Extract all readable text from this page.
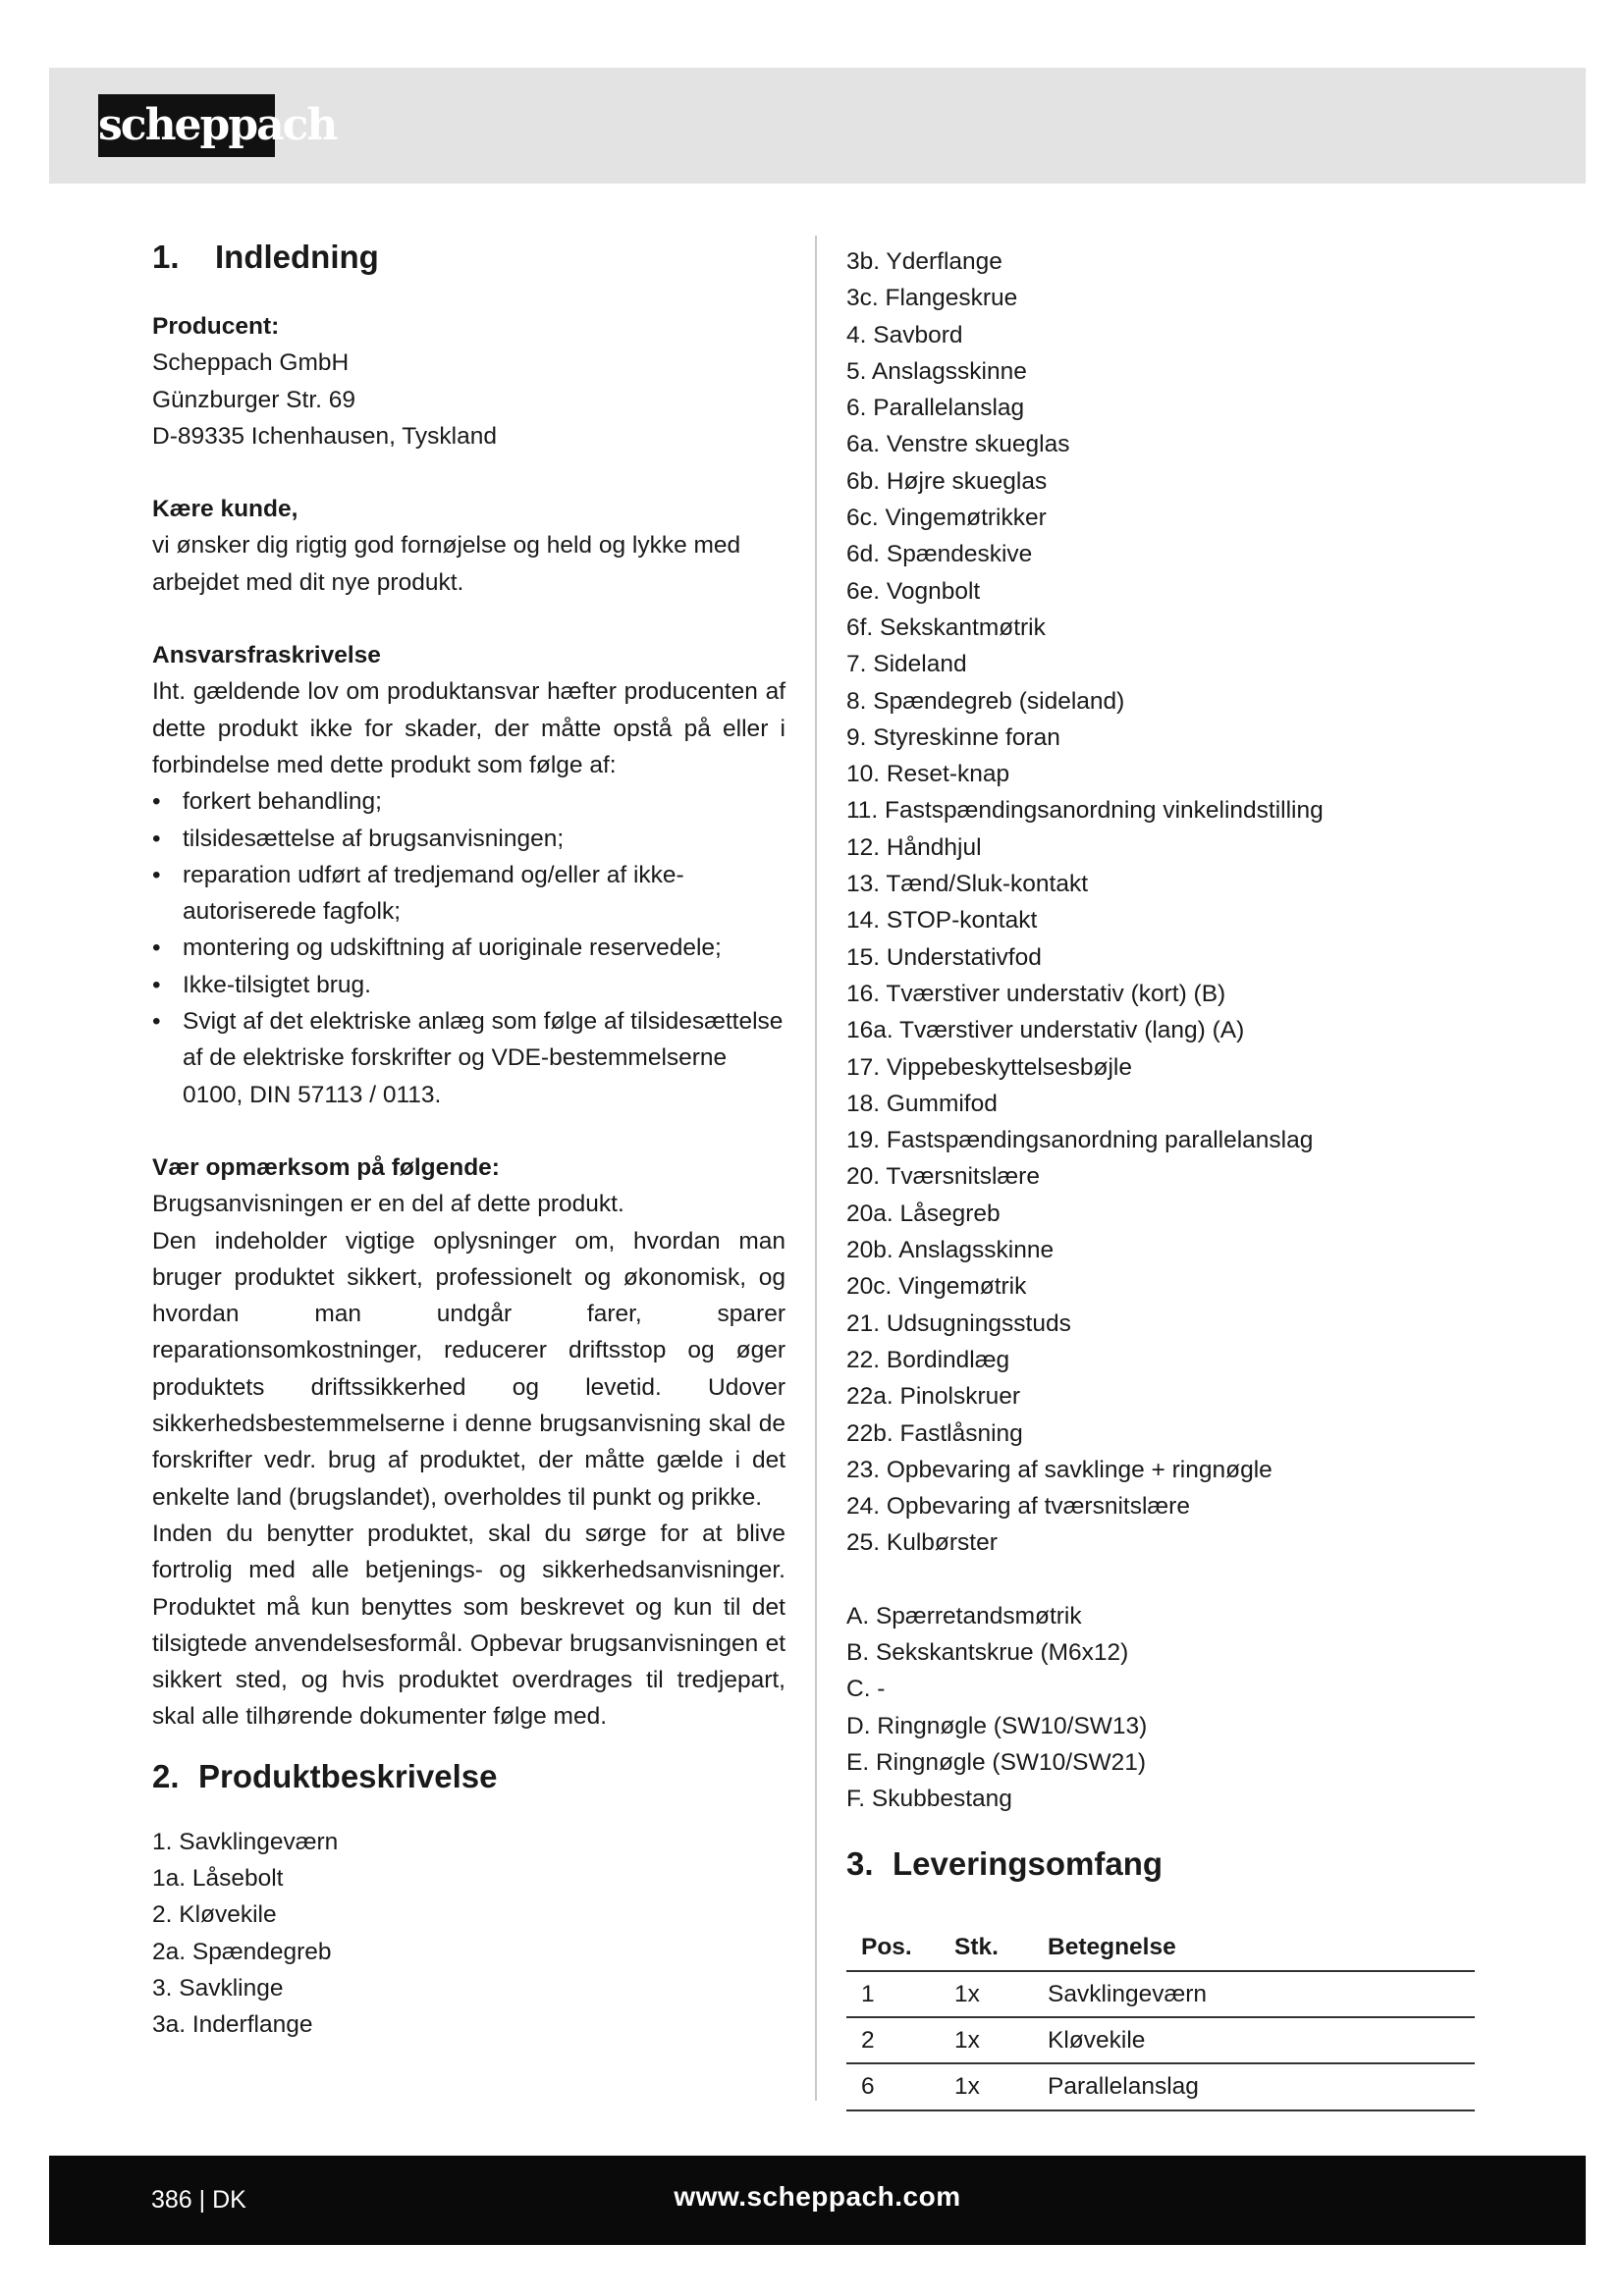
scheppach
1. Indledning

Producent:

Scheppach GmbH

Günzburger Str. 69

D-89335 Ichenhausen, Tyskland

Kære kunde,

vi ønsker dig rigtig god fornøjelse og held og lykke med arbejdet med dit nye produkt.

Ansvarsfraskrivelse

Iht. gældende lov om produktansvar hæfter producenten af dette produkt ikke for skader, der måtte opstå på eller i forbindelse med dette produkt som følge af:

• forkert behandling;
• tilsidesættelse af brugsanvisningen;
• reparation udført af tredjemand og/eller af ikke-autoriserede fagfolk;
• montering og udskiftning af uoriginale reservedele;
• Ikke-tilsigtet brug.
• Svigt af det elektriske anlæg som følge af tilsidesættelse af de elektriske forskrifter og VDE-bestemmelserne 0100, DIN 57113 / 0113.

Vær opmærksom på følgende:

Brugsanvisningen er en del af dette produkt.

Den indeholder vigtige oplysninger om, hvordan man bruger produktet sikkert, professionelt og økonomisk, og hvordan man undgår farer, sparer reparationsomkostninger, reducerer driftsstop og øger produktets driftssikkerhed og levetid. Udover sikkerhedsbestemmelserne i denne brugsanvisning skal de forskrifter vedr. brug af produktet, der måtte gælde i det enkelte land (brugslandet), overholdes til punkt og prikke.

Inden du benytter produktet, skal du sørge for at blive fortrolig med alle betjenings- og sikkerhedsanvisninger. Produktet må kun benyttes som beskrevet og kun til det tilsigtede anvendelsesformål. Opbevar brugsanvisningen et sikkert sted, og hvis produktet overdrages til tredjepart, skal alle tilhørende dokumenter følge med.

2. Produktbeskrivelse

1. Savklingeværn

1a. Låsebolt

2. Kløvekile

2a. Spændegreb

3. Savklinge

3a. Inderflange

3b. Yderflange

3c. Flangeskrue

4. Savbord

5. Anslagsskinne

6. Parallelanslag

6a. Venstre skueglas

6b. Højre skueglas

6c. Vingemøtrikker

6d. Spændeskive

6e. Vognbolt

6f. Sekskantmøtrik

7. Sideland

8. Spændegreb (sideland)

9. Styreskinne foran

10. Reset-knap

11. Fastspændingsanordning vinkelindstilling

12. Håndhjul

13. Tænd/Sluk-kontakt

14. STOP-kontakt

15. Understativfod

16. Tværstiver understativ (kort) (B)

16a. Tværstiver understativ (lang) (A)

17. Vippebeskyttelsesbøjle

18. Gummifod

19. Fastspændingsanordning parallelanslag

20. Tværsnitslære

20a. Låsegreb

20b. Anslagsskinne

20c. Vingemøtrik

21. Udsugningsstuds

22. Bordindlæg

22a. Pinolskruer

22b. Fastlåsning

23. Opbevaring af savklinge + ringnøgle

24. Opbevaring af tværsnitslære

25. Kulbørster

A. Spærretandsmøtrik

B. Sekskantskrue (M6x12)

C. -

D. Ringnøgle (SW10/SW13)

E. Ringnøgle (SW10/SW21)

F. Skubbestang

3. Leveringsomfang
Pos.	Stk.	Betegnelse
1	1x	Savklingeværn
2	1x	Kløvekile
6	1x	Parallelanslag
386 | DK	www.scheppach.com
